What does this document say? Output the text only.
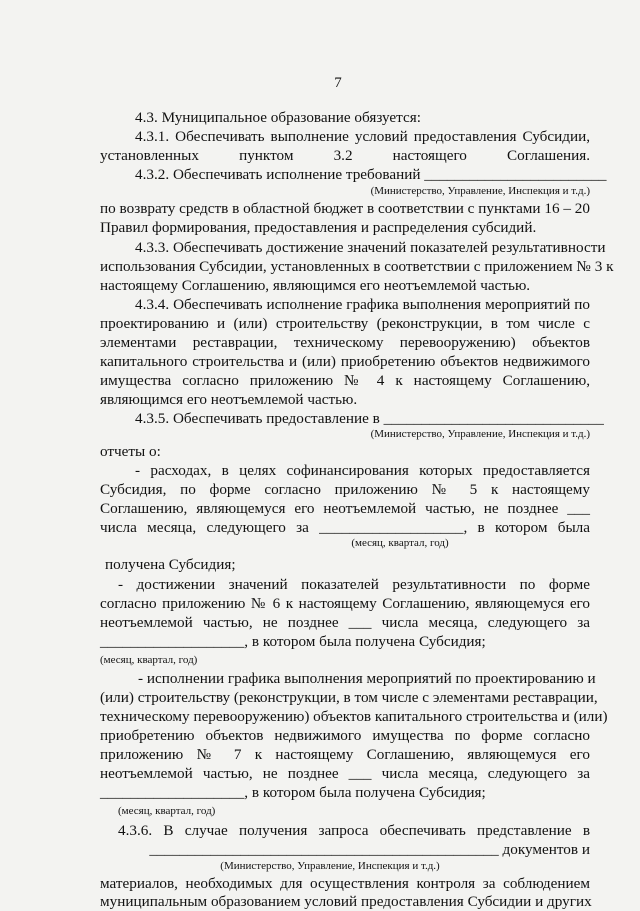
7
4.3. Муниципальное образование обязуется:
4.3.1. Обеспечивать выполнение условий предоставления Субсидии,
установленных пунктом 3.2 настоящего Соглашения.
4.3.2. Обеспечивать исполнение требований ________________________
(Министерство, Управление, Инспекция и т.д.)
по возврату средств в областной бюджет в соответствии с пунктами 16 – 20
Правил формирования, предоставления и распределения субсидий.
4.3.3. Обеспечивать достижение значений показателей результативности
использования Субсидии, установленных в соответствии с приложением № 3 к
настоящему Соглашению, являющимся его неотъемлемой частью.
4.3.4. Обеспечивать исполнение графика выполнения мероприятий по
проектированию и (или) строительству (реконструкции, в том числе с
элементами реставрации, техническому перевооружению) объектов
капитального строительства и (или) приобретению объектов недвижимого
имущества согласно приложению № 4 к настоящему Соглашению,
являющимся его неотъемлемой частью.
4.3.5. Обеспечивать предоставление в _____________________________
(Министерство, Управление, Инспекция и т.д.)
отчеты о:
- расходах, в целях софинансирования которых предоставляется
Субсидия, по форме согласно приложению № 5 к настоящему
Соглашению, являющемуся его неотъемлемой частью, не позднее ___
числа месяца, следующего за ___________________, в котором была
(месяц, квартал, год)
получена Субсидия;
- достижении значений показателей результативности по форме
согласно приложению № 6 к настоящему Соглашению, являющемуся его
неотъемлемой частью, не позднее ___ числа месяца, следующего за
___________________, в котором была получена Субсидия;
(месяц, квартал, год)
- исполнении графика выполнения мероприятий по проектированию и
(или) строительству (реконструкции, в том числе с элементами реставрации,
техническому перевооружению) объектов капитального строительства и (или)
приобретению объектов недвижимого имущества по форме согласно
приложению № 7 к настоящему Соглашению, являющемуся его
неотъемлемой частью, не позднее ___ числа месяца, следующего за
___________________, в котором была получена Субсидия;
(месяц, квартал, год)
4.3.6. В случае получения запроса обеспечивать представление в
______________________________________________ документов и
(Министерство, Управление, Инспекция и т.д.)
материалов, необходимых для осуществления контроля за соблюдением
муниципальным образованием условий предоставления Субсидии и других
